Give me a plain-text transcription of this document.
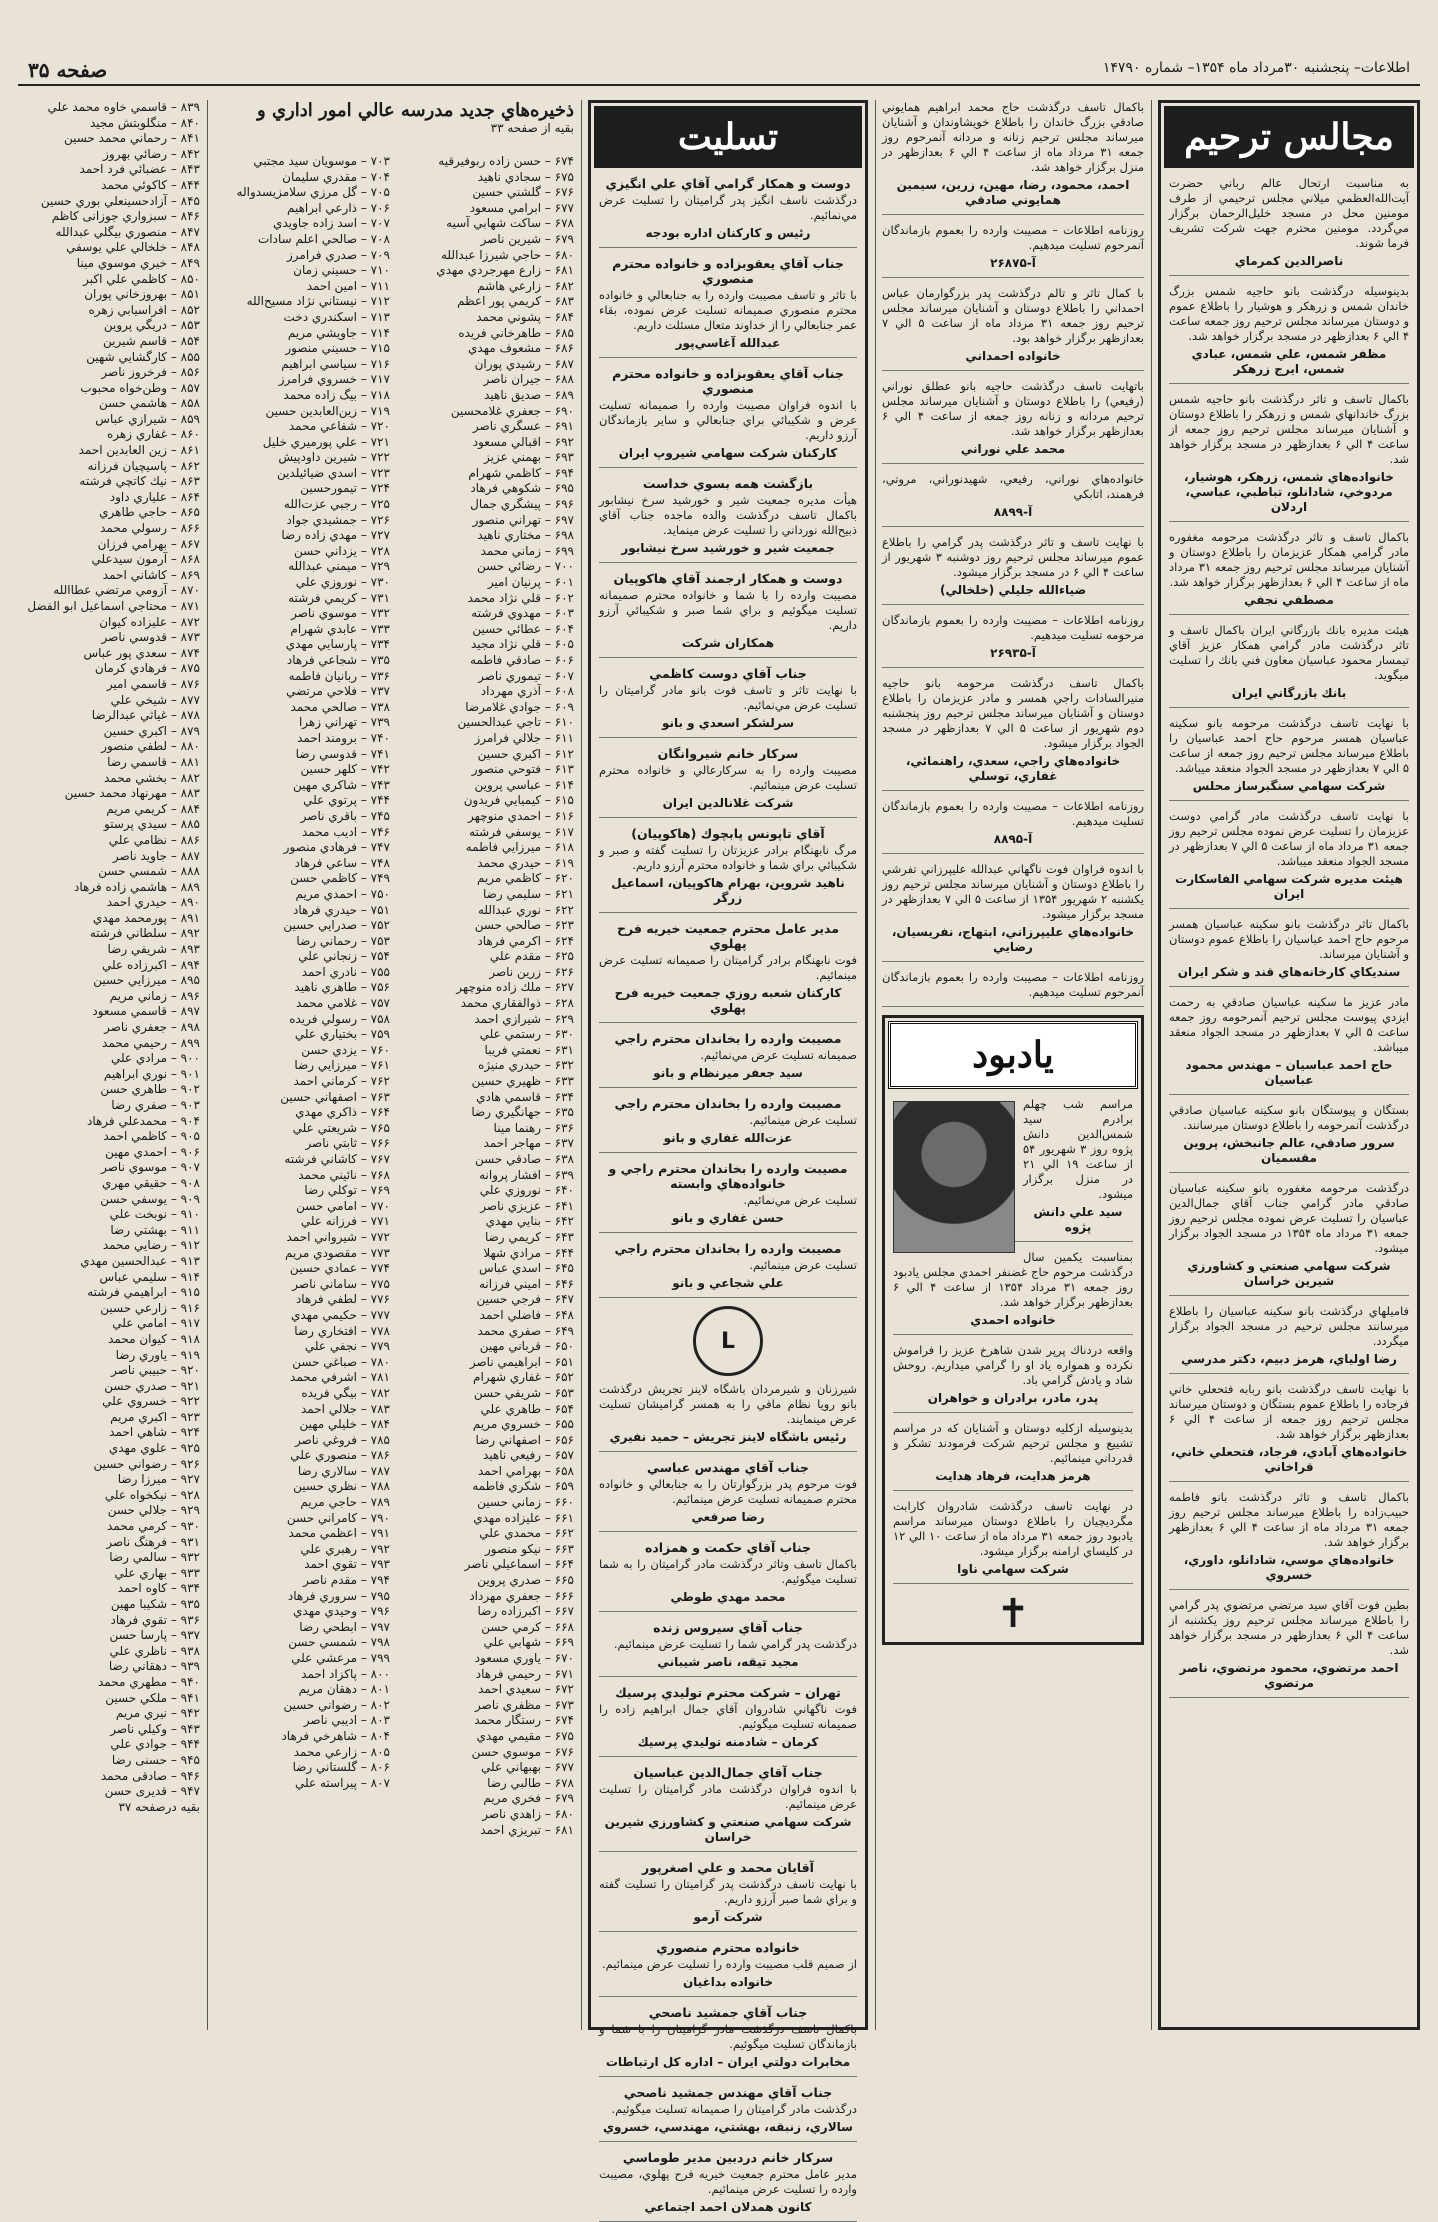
اطلاعات– پنجشنبه ۳۰مرداد ماه ۱۳۵۴– شماره ۱۴۷۹۰
صفحه ۳۵
مجالس ترحيم
به مناسبت ارتحال عالم رباني حضرت آيت‌الله‌العظمي ميلاني مجلس ترحيمي از طرف مومنين محل در مسجد خليل‌الرحمان برگزار مي‌گردد. مومنين محترم جهت شركت تشريف فرما شوند.
ناصرالدين كمرماي
بدينوسيله درگذشت بانو حاجيه شمس بزرگ خاندان شمس و زرهكر و هوشيار را باطلاع عموم و دوستان ميرساند مجلس ترحيم روز جمعه ساعت ۴ الي ۶ بعدازظهر در مسجد برگزار خواهد شد.
مظفر شمس، علي شمس، عبادي شمس، ايرج زرهكر
باكمال تاسف و تاثر درگذشت بانو حاجيه شمس بزرگ خاندانهاي شمس و زرهكر را باطلاع دوستان و آشنايان ميرساند مجلس ترحيم روز جمعه از ساعت ۴ الي ۶ بعدازظهر در مسجد برگزار خواهد شد.
خانواده‌هاي شمس، زرهكر، هوشيار، مردوخي، شادانلو، تباطبي، عباسي، اردلان
باكمال تاسف و تاثر درگذشت مرحومه مغفوره مادر گرامي همكار عزيزمان را باطلاع دوستان و آشنايان ميرساند مجلس ترحيم روز جمعه ۳۱ مرداد ماه از ساعت ۴ الي ۶ بعدازظهر برگزار خواهد شد.
مصطفي نجفي
هيئت مديره بانك بازرگاني ايران باكمال تاسف و تاثر درگذشت مادر گرامي همكار عزيز آقاي تيمسار محمود عباسيان معاون فني بانك را تسليت ميگويد.
بانك بازرگاني ايران
با نهايت تاسف درگذشت مرحومه بانو سكينه عباسيان همسر مرحوم حاج احمد عباسيان را باطلاع ميرساند مجلس ترحيم روز جمعه از ساعت ۵ الي ۷ بعدازظهر در مسجد الجواد منعقد ميباشد.
شركت سهامي سنگبرساز محلس
با نهايت تاسف درگذشت مادر گرامي دوست عزيزمان را تسليت عرض نموده مجلس ترحيم روز جمعه ۳۱ مرداد ماه از ساعت ۵ الي ۷ بعدازظهر در مسجد الجواد منعقد ميباشد.
هيئت مديره شركت سهامي الفاسكارت ايران
باكمال تاثر درگذشت بانو سكينه عباسيان همسر مرحوم حاج احمد عباسيان را باطلاع عموم دوستان و آشنايان ميرساند.
سنديكاي كارخانه‌هاي قند و شكر ايران
مادر عزيز ما سكينه عباسيان صادقي به رحمت ايزدي پيوست مجلس ترحيم آنمرحومه روز جمعه ساعت ۵ الي ۷ بعدازظهر در مسجد الجواد منعقد ميباشد.
حاج احمد عباسيان – مهندس محمود عباسيان
بستگان و پيوستگان بانو سكينه عباسيان صادقي درگذشت آنمرحومه را باطلاع دوستان ميرسانند.
سرور صادقي، عالم جانبخش، پروين مقسميان
درگذشت مرحومه مغفوره بانو سكينه عباسيان صادقي مادر گرامي جناب آقاي جمال‌الدين عباسيان را تسليت عرض نموده مجلس ترحيم روز جمعه ۳۱ مرداد ماه ۱۳۵۴ در مسجد الجواد برگزار ميشود.
شركت سهامي صنعتي و كشاورزي شيرين خراسان
فاميلهاي درگذشت بانو سكينه عباسيان را باطلاع ميرسانند مجلس ترحيم در مسجد الجواد برگزار ميگردد.
رضا اولياي، هرمز دبيم، دكتر مدرسي
با نهايت تاسف درگذشت بانو ربابه فتحعلي خاني فرجاده را باطلاع عموم بستگان و دوستان ميرساند مجلس ترحيم روز جمعه از ساعت ۴ الي ۶ بعدازظهر برگزار خواهد شد.
خانواده‌هاي آبادي، فرجاد، فتحعلي خاني، قراخاني
باكمال تاسف و تاثر درگذشت بانو فاطمه حبيب‌زاده را باطلاع ميرساند مجلس ترحيم روز جمعه ۳۱ مرداد ماه از ساعت ۴ الي ۶ بعدازظهر برگزار خواهد شد.
خانواده‌هاي موسي، شادانلو، داوري، خسروي
بطين فوت آقاي سيد مرتضي مرتضوي پدر گرامي را باطلاع ميرساند مجلس ترحيم روز يكشنبه از ساعت ۴ الي ۶ بعدازظهر در مسجد برگزار خواهد شد.
احمد مرتضوي، محمود مرتضوي، ناصر مرتضوي
باكمال تاسف درگذشت حاج محمد ابراهيم همايوني صادقي بزرگ خاندان را باطلاع خويشاوندان و آشنايان ميرساند مجلس ترحيم زنانه و مردانه آنمرحوم روز جمعه ۳۱ مرداد ماه از ساعت ۴ الي ۶ بعدازظهر در منزل برگزار خواهد شد.
احمد، محمود، رضا، مهين، زرين، سيمين همايوني صادقي
روزنامه اطلاعات – مصيبت وارده را بعموم بازماندگان آنمرحوم تسليت ميدهيم.
آ-۲۶۸۷۵
با كمال تاثر و تالم درگذشت پدر بزرگوارمان عباس احمداني را باطلاع دوستان و آشنايان ميرساند مجلس ترحيم روز جمعه ۳۱ مرداد ماه از ساعت ۵ الي ۷ بعدازظهر برگزار خواهد بود.
خانواده احمداني
باتهايت تاسف درگذشت حاجيه بانو عطلق نوراني (رفيعي) را باطلاع دوستان و آشنايان ميرساند مجلس ترحيم مردانه و زنانه روز جمعه از ساعت ۴ الي ۶ بعدازظهر برگزار خواهد شد.
محمد علي نوراني
خانواده‌هاي نوراني، رفيعي، شهيدنوراني، مروتي، فرهمند، اتابكي
آ-۸۸۹۹
با نهايت تاسف و تاثر درگذشت پدر گرامي را باطلاع عموم ميرساند مجلس ترحيم روز دوشنبه ۳ شهريور از ساعت ۴ الي ۶ در مسجد برگزار ميشود.
ضياءالله جليلي (خلخالي)
روزنامه اطلاعات – مصيبت وارده را بعموم بازماندگان مرحومه تسليت ميدهيم.
آ-۲۶۹۳۵
باكمال تاسف درگذشت مرحومه بانو حاجيه منيرالسادات راجي همسر و مادر عزيزمان را باطلاع دوستان و آشنايان ميرساند مجلس ترحيم روز پنجشنبه دوم شهريور از ساعت ۵ الي ۷ بعدازظهر در مسجد الجواد برگزار ميشود.
خانواده‌هاي راجي، سعدي، راهنمائي، غفاري، توسلي
روزنامه اطلاعات – مصيبت وارده را بعموم بازماندگان تسليت ميدهيم.
آ-۸۸۹۵
با اندوه فراوان فوت ناگهاني عبدالله عليپرزاني تفرشي را باطلاع دوستان و آشنايان ميرساند مجلس ترحيم روز يكشنبه ۲ شهريور ۱۳۵۴ از ساعت ۵ الي ۷ بعدازظهر در مسجد برگزار ميشود.
خانواده‌هاي عليپرزاني، ابتهاج، نفريسيان، رضايي
روزنامه اطلاعات – مصيبت وارده را بعموم بازماندگان آنمرحوم تسليت ميدهيم.
يادبود
مراسم شب چهلم برادرم سيد شمس‌الدين دانش پژوه روز ۳ شهريور ۵۴ از ساعت ۱۹ الي ۲۱ در منزل برگزار ميشود.
سيد علي دانش پژوه
بمناسبت يكمين سال درگذشت مرحوم حاج غضنفر احمدي مجلس يادبود روز جمعه ۳۱ مرداد ۱۳۵۴ از ساعت ۴ الي ۶ بعدازظهر برگزار خواهد شد.
خانواده احمدي
واقعه دردناك پرپر شدن شاهرخ عزيز را فراموش نكرده و همواره ياد او را گرامي ميداريم. روحش شاد و يادش گرامي باد.
پدر، مادر، برادران و خواهران
بدينوسيله ازكليه دوستان و آشنايان كه در مراسم تشييع و مجلس ترحيم شركت فرمودند تشكر و قدرداني مينمائيم.
هرمز هدايت، فرهاد هدايت
در نهايت تاسف درگذشت شادروان كارابت مگرديچيان را باطلاع دوستان ميرساند مراسم يادبود روز جمعه ۳۱ مرداد ماه از ساعت ۱۰ الي ۱۲ در كليساي ارامنه برگزار ميشود.
شركت سهامي ناوا
✝
تسليت
دوست و همكار گرامي آقاي علي انگيزي
درگذشت ناسف انگيز پدر گراميتان را تسليت عرض مي‌نمائيم.
رئيس و كاركنان اداره بودجه
جناب آقاي يعقوبزاده و خانواده محترم منصوري
با تاثر و تاسف مصيبت وارده را به جنابعالي و خانواده محترم منصوري صميمانه تسليت عرض نموده، بقاء عمر جنابعالي را از خداوند متعال مسئلت داريم.
عبدالله آغاسي‌پور
جناب آقاي يعقوبزاده و خانواده محترم منصوري
با اندوه فراوان مصيبت وارده را صميمانه تسليت عرض و شكيبائي براي جنابعالي و ساير بازماندگان آرزو داريم.
كاركنان شركت سهامي شيروپ ايران
بازگشت همه بسوي خداست
هيأت مديره جمعيت شير و خورشيد سرخ نيشابور باكمال تاسف درگذشت والده ماجده جناب آقاي ذبيح‌الله نورداني را تسليت عرض مينمايد.
جمعيت شير و خورشيد سرخ نيشابور
دوست و همكار ارجمند آقاي هاكوپيان
مصيبت وارده را با شما و خانواده محترم صميمانه تسليت ميگوئيم و براي شما صبر و شكيبائي آرزو داريم.
همكاران شركت
جناب آقاي دوست كاظمي
با نهايت تاثر و تاسف فوت بانو مادر گراميتان را تسليت عرض مي‌نمائيم.
سرلشكر اسعدي و بانو
سركار خانم شيروانگان
مصيبت وارده را به سركارعالي و خانواده محترم تسليت عرض مينمائيم.
شركت غلانالدين ايران
آقاي تاپونس پابچوك (هاكوپيان)
مرگ نابهنگام برادر عزيزتان را تسليت گفته و صبر و شكيبائي براي شما و خانواده محترم آرزو داريم.
ناهيد شروين، بهرام هاكوپيان، اسماعيل زرگر
مدير عامل محترم جمعيت خيريه فرح پهلوي
فوت نابهنگام برادر گراميتان را صميمانه تسليت عرض مينمائيم.
كاركنان شعبه روزي جمعيت خيريه فرح پهلوي
مصيبت وارده را بخاندان محترم راجي
صميمانه تسليت عرض مي‌نمائيم.
سيد جعفر ميرنظام و بانو
مصيبت وارده را بخاندان محترم راجي
تسليت عرض مينمائيم.
عزت‌الله غفاري و بانو
مصيبت وارده را بخاندان محترم راجي و خانواده‌هاي وابسته
تسليت عرض مي‌نمائيم.
حسن غفاري و بانو
مصيبت وارده را بخاندان محترم راجي
تسليت عرض مينمائيم.
علي شجاعي و بانو
L
شيرزنان و شيرمردان باشگاه لاينز تجريش درگذشت بانو رويا نظام مافي را به همسر گراميشان تسليت عرض مينمايند.
رئيس باشگاه لاينز تجريش – حميد نفيري
جناب آقاي مهندس عباسي
فوت مرحوم پدر بزرگوارتان را به جنابعالي و خانواده محترم صميمانه تسليت عرض مينمائيم.
رضا صرفعي
جناب آقاي حكمت و همزاده
باكمال تاسف وتاثر درگذشت مادر گراميتان را به شما تسليت ميگوئيم.
محمد مهدي طوطي
جناب آقاي سيروس زنده
درگذشت پدر گرامي شما را تسليت عرض مينمائيم.
مجيد تيقه، ناصر شيباني
تهران – شركت محترم توليدي پرسيك
فوت ناگهاني شادروان آقاي جمال ابراهيم زاده را صميمانه تسليت ميگوئيم.
كرمان – شادمنه توليدي پرسيك
جناب آقاي جمال‌الدين عباسيان
با اندوه فراوان درگذشت مادر گراميتان را تسليت عرض مينمائيم.
شركت سهامي صنعتي و كشاورزي شيرين خراسان
آقايان محمد و علي اصغرپور
با نهايت تاسف درگذشت پدر گراميتان را تسليت گفته و براي شما صبر آرزو داريم.
شركت آرمو
خانواده محترم منصوري
از صميم قلب مصيبت وارده را تسليت عرض مينمائيم.
خانواده بداغيان
جناب آقاي جمشيد ناصحي
باكمال تاسف درگذشت مادر گراميتان را با شما و بازماندگان تسليت ميگوئيم.
مخابرات دولتي ايران – اداره كل ارتباطات
جناب آقاي مهندس جمشيد ناصحي
درگذشت مادر گراميتان را صميمانه تسليت ميگوئيم.
سالاري، زنبقه، بهشتي، مهندسي، خسروي
سركار خانم دردبين مدير طوماسي
مدير عامل محترم جمعيت خيريه فرح پهلوي، مصيبت وارده را تسليت عرض مينمائيم.
كانون همدلان احمد اجتماعي
ذخيره‌هاي جديد مدرسه عالي امور اداري و
بقيه از صفحه ۳۳
۶۷۴ – حسن زاده ربوفيرقيه
۶۷۵ – سجادي ناهيد
۶۷۶ – گلشني حسين
۶۷۷ – ابرامي مسعود
۶۷۸ – ساكت شهابي آسيه
۶۷۹ – شيرين ناصر
۶۸۰ – حاجي شيرزا عبدالله
۶۸۱ – زارع مهرجردي مهدي
۶۸۲ – زارعي هاشم
۶۸۳ – كريمي پور اعظم
۶۸۴ – پشوني محمد
۶۸۵ – طاهرخاني فريده
۶۸۶ – مشعوف مهدي
۶۸۷ – رشيدي پوران
۶۸۸ – جيران ناصر
۶۸۹ – صديق ناهيد
۶۹۰ – جعفري غلامحسين
۶۹۱ – عسگري ناصر
۶۹۲ – اقبالي مسعود
۶۹۳ – بهمني عزيز
۶۹۴ – كاظمي شهرام
۶۹۵ – شكوهي فرهاد
۶۹۶ – پيشگري جمال
۶۹۷ – تهراني منصور
۶۹۸ – مختاري ناهيد
۶۹۹ – زماني محمد
۷۰۰ – رضائي حسن
۶۰۱ – پرنيان امير
۶۰۲ – قلي نژاد محمد
۶۰۳ – مهدوي فرشته
۶۰۴ – عطائي حسين
۶۰۵ – قلي نژاد مجيد
۶۰۶ – صادقي فاطمه
۶۰۷ – تيموري ناصر
۶۰۸ – آذري مهرداد
۶۰۹ – جوادي غلامرضا
۶۱۰ – تاجي عبدالحسين
۶۱۱ – جلالي فرامرز
۶۱۲ – اكبري حسين
۶۱۳ – فتوحي منصور
۶۱۴ – عباسي پروين
۶۱۵ – كيميايي فريدون
۶۱۶ – احمدي منوچهر
۶۱۷ – يوسفي فرشته
۶۱۸ – ميرزايي فاطمه
۶۱۹ – حيدري محمد
۶۲۰ – كاظمي مريم
۶۲۱ – سليمي رضا
۶۲۲ – نوري عبدالله
۶۲۳ – صالحي حسن
۶۲۴ – اكرمي فرهاد
۶۲۵ – مقدم علي
۶۲۶ – زرين ناصر
۶۲۷ – ملك زاده منوچهر
۶۲۸ – ذوالفقاري محمد
۶۲۹ – شيرازي احمد
۶۳۰ – رستمي علي
۶۳۱ – نعمتي فريبا
۶۳۲ – حيدري منيژه
۶۳۳ – ظهيري حسين
۶۳۴ – قاسمي هادي
۶۳۵ – جهانگيري رضا
۶۳۶ – رهنما مينا
۶۳۷ – مهاجر احمد
۶۳۸ – صادقي حسن
۶۳۹ – افشار پروانه
۶۴۰ – نوروزي علي
۶۴۱ – عزيزي ناصر
۶۴۲ – بنايي مهدي
۶۴۳ – كريمي رضا
۶۴۴ – مرادي شهلا
۶۴۵ – اسدي عباس
۶۴۶ – اميني فرزانه
۶۴۷ – فرجي حسين
۶۴۸ – فاضلي احمد
۶۴۹ – صفري محمد
۶۵۰ – قرباني مهين
۶۵۱ – ابراهيمي ناصر
۶۵۲ – غفاري شهرام
۶۵۳ – شريفي حسن
۶۵۴ – طاهري علي
۶۵۵ – خسروي مريم
۶۵۶ – اصفهاني رضا
۶۵۷ – رفيعي ناهيد
۶۵۸ – بهرامي احمد
۶۵۹ – شكري فاطمه
۶۶۰ – زماني حسين
۶۶۱ – عليزاده مهدي
۶۶۲ – محمدي علي
۶۶۳ – نيكو منصور
۶۶۴ – اسماعيلي ناصر
۶۶۵ – صدري پروين
۶۶۶ – جعفري مهرداد
۶۶۷ – اكبرزاده رضا
۶۶۸ – كرمي حسن
۶۶۹ – شهابي علي
۶۷۰ – ياوري مسعود
۶۷۱ – رحيمي فرهاد
۶۷۲ – سعيدي احمد
۶۷۳ – مظفري ناصر
۶۷۴ – رستگار محمد
۶۷۵ – مقيمي مهدي
۶۷۶ – موسوي حسن
۶۷۷ – بهبهاني علي
۶۷۸ – طالبي رضا
۶۷۹ – فخري مريم
۶۸۰ – زاهدي ناصر
۶۸۱ – تبريزي احمد
۷۰۳ – موسويان سيد مجتبي
۷۰۴ – مقدري سليمان
۷۰۵ – گل مرزي سلامزيسدواله
۷۰۶ – ذارعي ابراهيم
۷۰۷ – اسد زاده جاويدي
۷۰۸ – صالحي اعلم سادات
۷۰۹ – صدري فرامرز
۷۱۰ – حسيني زمان
۷۱۱ – امين احمد
۷۱۲ – نيستاني نژاد مسيح‌الله
۷۱۳ – اسكندري دخت
۷۱۴ – جاويشي مريم
۷۱۵ – حسيني منصور
۷۱۶ – سياسي ابراهيم
۷۱۷ – خسروي فرامرز
۷۱۸ – بيگ زاده محمد
۷۱۹ – زين‌العابدين حسين
۷۲۰ – شفاعي محمد
۷۲۱ – علي پورميري خليل
۷۲۲ – شيرين داودپيش
۷۲۳ – اسدي ضيائيلدين
۷۲۴ – تيمورحسين
۷۲۵ – رجبي عزت‌الله
۷۲۶ – جمشيدي جواد
۷۲۷ – مهدي زاده رضا
۷۲۸ – يزداني حسن
۷۲۹ – ميمني عبدالله
۷۳۰ – نوروزي علي
۷۳۱ – كريمي فرشته
۷۳۲ – موسوي ناصر
۷۳۳ – عابدي شهرام
۷۳۴ – پارسايي مهدي
۷۳۵ – شجاعي فرهاد
۷۳۶ – ربانيان فاطمه
۷۳۷ – فلاحي مرتضي
۷۳۸ – صالحي محمد
۷۳۹ – تهراني زهرا
۷۴۰ – برومند احمد
۷۴۱ – قدوسي رضا
۷۴۲ – كلهر حسين
۷۴۳ – شاكري مهين
۷۴۴ – پرتوي علي
۷۴۵ – باقري ناصر
۷۴۶ – اديب محمد
۷۴۷ – فرهادي منصور
۷۴۸ – ساعي فرهاد
۷۴۹ – كاظمي حسن
۷۵۰ – احمدي مريم
۷۵۱ – حيدري فرهاد
۷۵۲ – صدرايي حسين
۷۵۳ – رحماني رضا
۷۵۴ – زنجاني علي
۷۵۵ – نادري احمد
۷۵۶ – طاهري ناهيد
۷۵۷ – غلامي محمد
۷۵۸ – رسولي فريده
۷۵۹ – بختياري علي
۷۶۰ – يزدي حسن
۷۶۱ – ميرزايي رضا
۷۶۲ – كرماني احمد
۷۶۳ – اصفهاني حسين
۷۶۴ – ذاكري مهدي
۷۶۵ – شريعتي علي
۷۶۶ – ثابتي ناصر
۷۶۷ – كاشاني فرشته
۷۶۸ – نائيني محمد
۷۶۹ – توكلي رضا
۷۷۰ – امامي حسن
۷۷۱ – فرزانه علي
۷۷۲ – شيرواني احمد
۷۷۳ – مقصودي مريم
۷۷۴ – عمادي حسين
۷۷۵ – ساماني ناصر
۷۷۶ – لطفي فرهاد
۷۷۷ – حكيمي مهدي
۷۷۸ – افتخاري رضا
۷۷۹ – نجفي علي
۷۸۰ – صباغي حسن
۷۸۱ – اشرفي محمد
۷۸۲ – بيگي فريده
۷۸۳ – جلالي احمد
۷۸۴ – خليلي مهين
۷۸۵ – فروغي ناصر
۷۸۶ – منصوري علي
۷۸۷ – سالاري رضا
۷۸۸ – نظري حسين
۷۸۹ – حاجي مريم
۷۹۰ – كامراني حسن
۷۹۱ – اعظمي محمد
۷۹۲ – رهبري علي
۷۹۳ – تقوي احمد
۷۹۴ – مقدم ناصر
۷۹۵ – سروري فرهاد
۷۹۶ – وحيدي مهدي
۷۹۷ – ابطحي رضا
۷۹۸ – شمسي حسن
۷۹۹ – مرعشي علي
۸۰۰ – پاكزاد احمد
۸۰۱ – دهقان مريم
۸۰۲ – رضواني حسين
۸۰۳ – اديبي ناصر
۸۰۴ – شاهرخي فرهاد
۸۰۵ – زارعي محمد
۸۰۶ – گلستاني رضا
۸۰۷ – پيراسته علي
۸۳۹ – قاسمي خاوه محمد علي
۸۴۰ – منگلوبتش مجيد
۸۴۱ – رحماني محمد حسين
۸۴۲ – رضائي بهروز
۸۴۳ – عضبائي فرد احمد
۸۴۴ – كاكوئي محمد
۸۴۵ – آزادحسينعلي بوري حسين
۸۴۶ – سبزواري جوزانى كاظم
۸۴۷ – منصوري بيگلي عبدالله
۸۴۸ – خلخالي علي يوسفي
۸۴۹ – خيري موسوي مينا
۸۵۰ – كاظمي علي اكبر
۸۵۱ – بهروزخاني پوران
۸۵۲ – افراسيابي زهره
۸۵۳ – دريگي پروين
۸۵۴ – قاسم شيرين
۸۵۵ – كارگشايي شهين
۸۵۶ – فرخروز ناصر
۸۵۷ – وطن‌خواه محبوب
۸۵۸ – هاشمي حسن
۸۵۹ – شيرازي عباس
۸۶۰ – غفاري زهره
۸۶۱ – زين العابدين احمد
۸۶۲ – پاسيچيان فرزانه
۸۶۳ – نيك كاتچي فرشته
۸۶۴ – علياري داود
۸۶۵ – حاجي طاهري
۸۶۶ – رسولي محمد
۸۶۷ – بهرامي فرزان
۸۶۸ – آرمون سيدعلي
۸۶۹ – كاشاني احمد
۸۷۰ – آزومي مرتضي عطاالله
۸۷۱ – محتاجي اسماعيل ابو الفضل
۸۷۲ – عليزاده كيوان
۸۷۳ – قدوسي ناصر
۸۷۴ – سعدي پور عباس
۸۷۵ – فرهادي كرمان
۸۷۶ – قاسمي امير
۸۷۷ – شيخي علي
۸۷۸ – غياثي عبدالرضا
۸۷۹ – اكبري حسين
۸۸۰ – لطفي منصور
۸۸۱ – قاسمي رضا
۸۸۲ – بخشي محمد
۸۸۳ – مهرنهاد محمد حسين
۸۸۴ – كريمي مريم
۸۸۵ – سيدي پرستو
۸۸۶ – نظامي علي
۸۸۷ – جاويد ناصر
۸۸۸ – شمسي حسن
۸۸۹ – هاشمي زاده فرهاد
۸۹۰ – حيدري احمد
۸۹۱ – پورمحمد مهدي
۸۹۲ – سلطاني فرشته
۸۹۳ – شريفي رضا
۸۹۴ – اكبرزاده علي
۸۹۵ – ميرزايي حسين
۸۹۶ – زماني مريم
۸۹۷ – قاسمي مسعود
۸۹۸ – جعفري ناصر
۸۹۹ – رحيمي محمد
۹۰۰ – مرادي علي
۹۰۱ – نوري ابراهيم
۹۰۲ – طاهري حسن
۹۰۳ – صفري رضا
۹۰۴ – محمدعلي فرهاد
۹۰۵ – كاظمي احمد
۹۰۶ – احمدي مهين
۹۰۷ – موسوي ناصر
۹۰۸ – حقيقي مهري
۹۰۹ – يوسفي حسن
۹۱۰ – نوبخت علي
۹۱۱ – بهشتي رضا
۹۱۲ – رضايي محمد
۹۱۳ – عبدالحسين مهدي
۹۱۴ – سليمي عباس
۹۱۵ – ابراهيمي فرشته
۹۱۶ – زارعي حسين
۹۱۷ – امامي علي
۹۱۸ – كيوان محمد
۹۱۹ – ياوري رضا
۹۲۰ – حبيبي ناصر
۹۲۱ – صدري حسن
۹۲۲ – خسروي علي
۹۲۳ – اكبري مريم
۹۲۴ – شاهي احمد
۹۲۵ – علوي مهدي
۹۲۶ – رضواني حسين
۹۲۷ – ميرزا رضا
۹۲۸ – نيكخواه علي
۹۲۹ – جلالي حسن
۹۳۰ – كرمي محمد
۹۳۱ – فرهنگ ناصر
۹۳۲ – سالمي رضا
۹۳۳ – بهاري علي
۹۳۴ – كاوه احمد
۹۳۵ – شكيبا مهين
۹۳۶ – تقوي فرهاد
۹۳۷ – پارسا حسن
۹۳۸ – ناظري علي
۹۳۹ – دهقاني رضا
۹۴۰ – مطهري محمد
۹۴۱ – ملكي حسين
۹۴۲ – نيري مريم
۹۴۳ – وكيلي ناصر
۹۴۴ – جوادي علي
۹۴۵ – حسنی رضا
۹۴۶ – صادقی محمد
۹۴۷ – قدیری حسن
بقيه درصفحه ۳۷
